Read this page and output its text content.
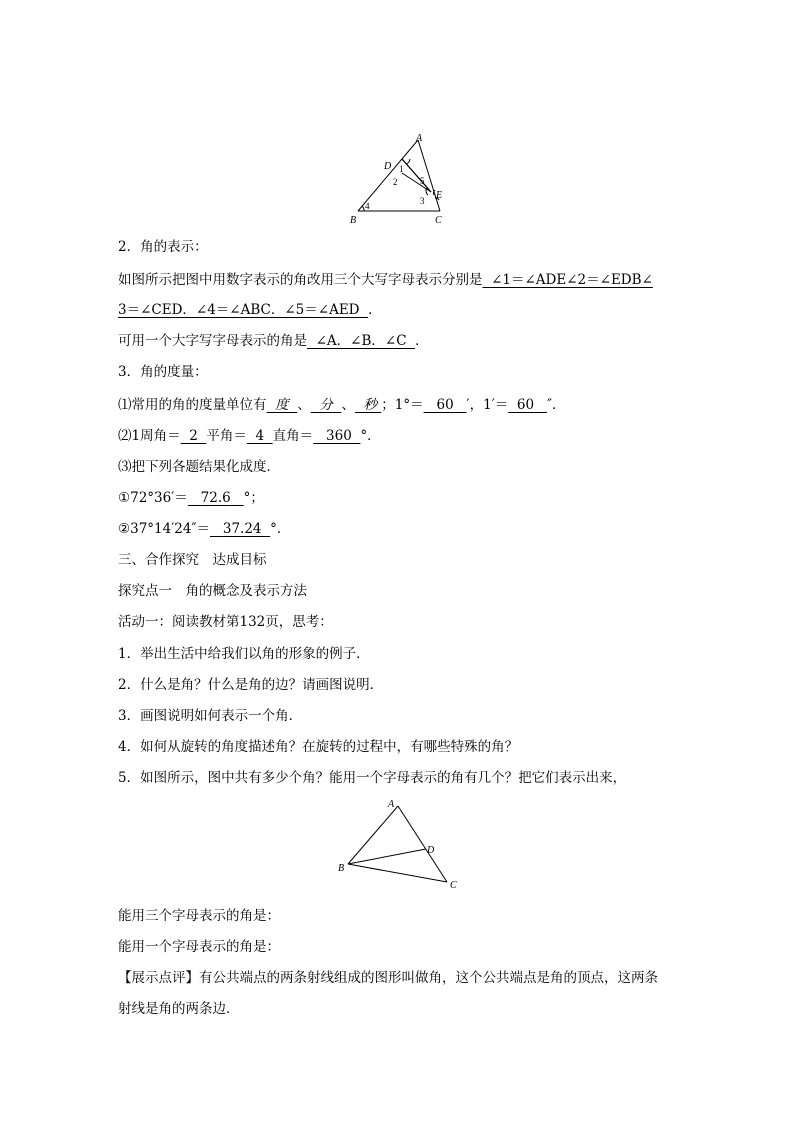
A
D
E
B	C
1
2
3
4
5
2．角的表示：
如图所示把图中用数字表示的角改用三个大写字母表示分别是 ∠1＝∠ADE∠2＝∠EDB∠
3＝∠CED．∠4＝∠ABC．∠5＝∠AED ．
可用一个大字写字母表示的角是 ∠A．∠B．∠C ．
3．角的度量：
⑴常用的角的度量单位有 度 、 分 、 秒 ；1°＝ 60 ′，1′＝ 60 ″．
⑵1周角＝ 2 平角＝ 4 直角＝ 360 °．
⑶把下列各题结果化成度．
①72°36′＝ 72.6 °；
②37°14′24″＝ 37.24 °．
三、合作探究　达成目标
探究点一　角的概念及表示方法
活动一：阅读教材第132页，思考：
1．举出生活中给我们以角的形象的例子．
2．什么是角？什么是角的边？请画图说明．
3．画图说明如何表示一个角．
4．如何从旋转的角度描述角？在旋转的过程中，有哪些特殊的角？
5．如图所示，图中共有多少个角？能用一个字母表示的角有几个？把它们表示出来，
A
D
B
C
能用三个字母表示的角是：
能用一个字母表示的角是：
【展示点评】有公共端点的两条射线组成的图形叫做角，这个公共端点是角的顶点，这两条
射线是角的两条边．
